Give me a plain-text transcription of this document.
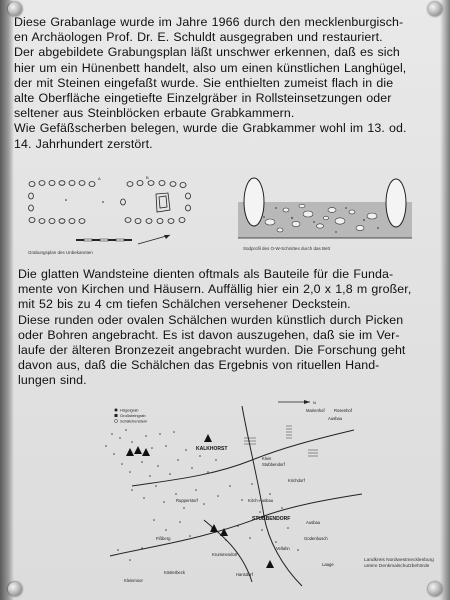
Diese Grabanlage wurde im Jahre 1966 durch den mecklenburgisch-
en Archäologen Prof. Dr. E. Schuldt ausgegraben und restauriert.
Der abgebildete Grabungsplan läßt unschwer erkennen, daß es sich
hier um ein Hünenbett handelt, also um einen künstlichen Langhügel,
der mit Steinen eingefaßt wurde. Sie enthielten zumeist flach in die
alte Oberfläche eingetiefte Einzelgräber in Rollsteinsetzungen oder
seltener aus Steinblöcken erbaute Grabkammern.
Wie Gefäßscherben belegen, wurde die Grabkammer wohl im 13. od.
14. Jahrhundert zerstört.
A	B
Grabungsplan des Unbekannten
Südprofil des O-W-Schnittes durch das Bett
Die glatten Wandsteine dienten oftmals als Bauteile für die Funda-
mente von Kirchen und Häusern. Auffällig hier ein 2,0 x 1,8 m großer,
mit 52 bis zu 4 cm tiefen Schälchen versehener Deckstein.
Diese runden oder ovalen Schälchen wurden künstlich durch Picken
oder Bohren angebracht. Es ist davon auszugehen, daß sie im Ver-
laufe der älteren Bronzezeit angebracht wurden. Die Forschung geht
davon aus, daß die Schälchen das Ergebnis von rituellen Hand-
lungen sind.
N
Hügelgrab
Großsteingrab
Schälchenstein
KALKHORST
STUBBENDORF
Marienhof Rosenhof
Ausbau
Klein
Stubbendorf
Kirchdorf
Rupperstorf	Kirch-Ausbau
Vellahn
Kleinmoor
Kösterbeck
Godenbusch
Laage
Krummendorf
Fißberg
Ausbau
Hansdorf
Landkreis Nordwestmecklenburg
untere Denkmalschutzbehörde
